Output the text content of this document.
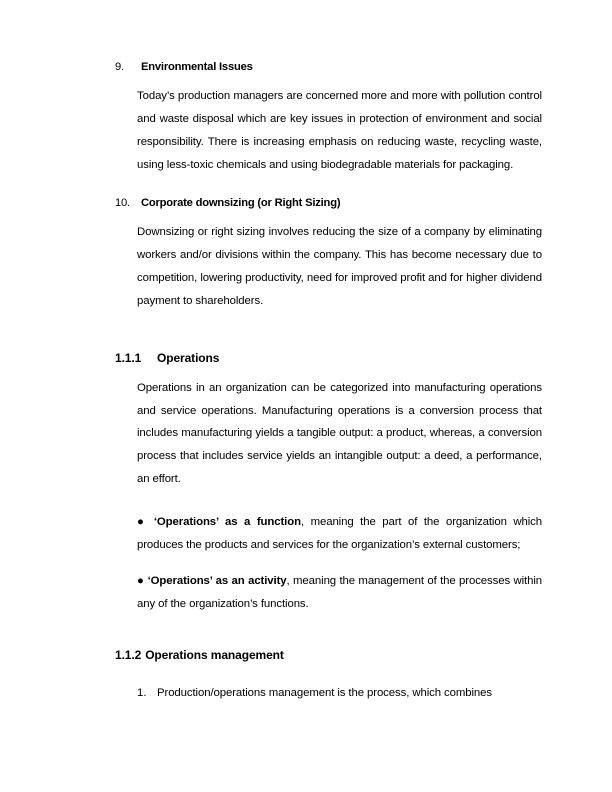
9.	Environmental Issues

Today’s production managers are concerned more and more with pollution control and waste disposal which are key issues in protection of environment and social responsibility. There is increasing emphasis on reducing waste, recycling waste, using less-toxic chemicals and using biodegradable materials for packaging.

10. Corporate downsizing (or Right Sizing)

Downsizing or right sizing involves reducing the size of a company by eliminating workers and/or divisions within the company. This has become necessary due to competition, lowering productivity, need for improved profit and for higher dividend payment to shareholders.

1.1.1 Operations

Operations in an organization can be categorized into manufacturing operations and service operations. Manufacturing operations is a conversion process that includes manufacturing yields a tangible output: a product, whereas, a conversion process that includes service yields an intangible output: a deed, a performance, an effort.

● ‘Operations’ as a function, meaning the part of the organization which produces the products and services for the organization’s external customers;

● ‘Operations’ as an activity, meaning the management of the processes within any of the organization’s functions.

1.1.2 Operations management
1. Production/operations management is the process, which combines
